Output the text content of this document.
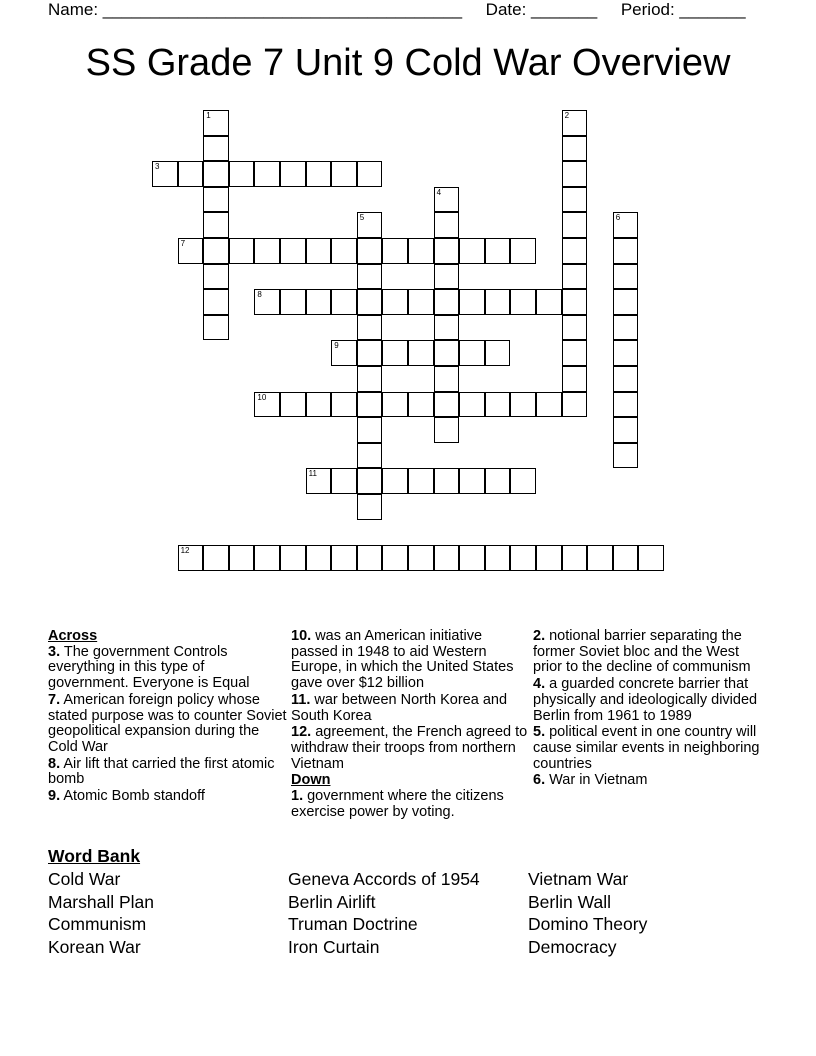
Name: ______________________________________     Date: _______     Period: _______
SS Grade 7 Unit 9 Cold War Overview
1	2
3
4
5	6
7
8
9
10
11
12
Across
3. The government Controls everything in this type of government. Everyone is Equal
7. American foreign policy whose stated purpose was to counter Soviet geopolitical expansion during the Cold War
8. Air lift that carried the first atomic bomb
9. Atomic Bomb standoff
10. was an American initiative passed in 1948 to aid Western Europe, in which the United States gave over $12 billion
11. war between North Korea and South Korea
12. agreement, the French agreed to withdraw their troops from northern Vietnam
Down
1. government where the citizens exercise power by voting.
2. notional barrier separating the former Soviet bloc and the West prior to the decline of communism
4. a guarded concrete barrier that physically and ideologically divided Berlin from 1961 to 1989
5. political event in one country will cause similar events in neighboring countries
6. War in Vietnam
Word Bank
Cold War
Marshall Plan
Communism
Korean War
Geneva Accords of 1954
Berlin Airlift
Truman Doctrine
Iron Curtain
Vietnam War
Berlin Wall
Domino Theory
Democracy
